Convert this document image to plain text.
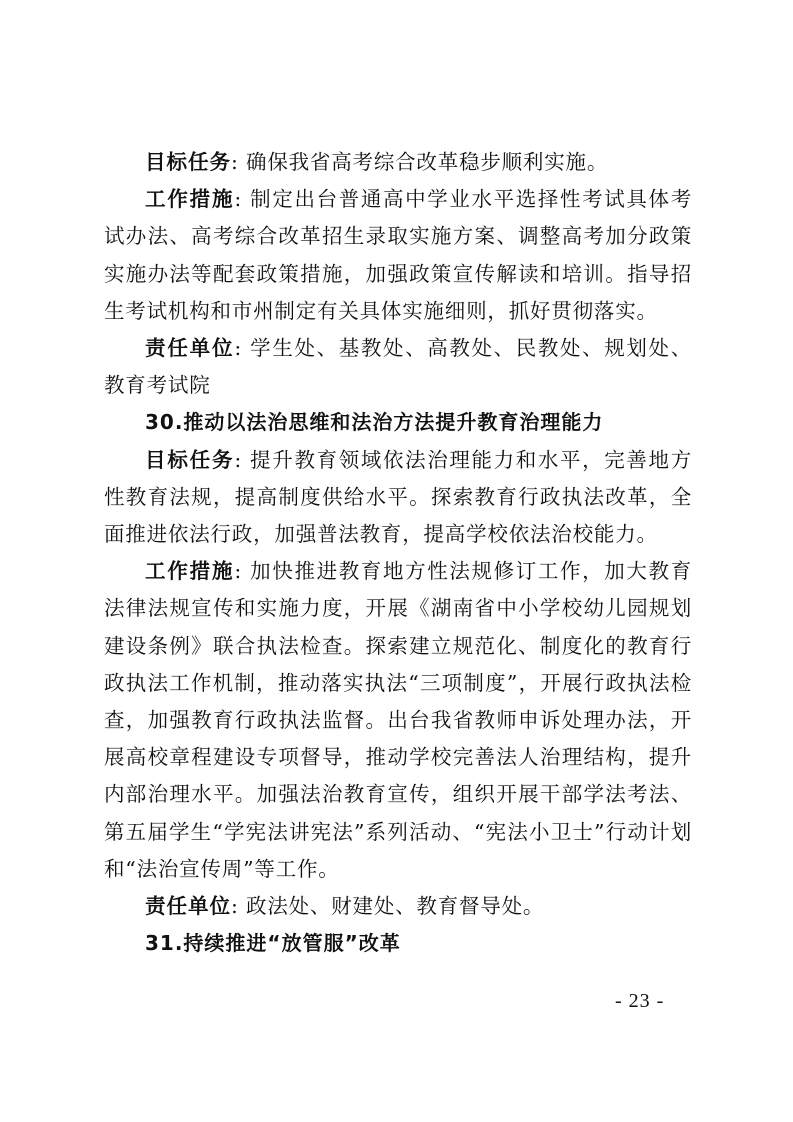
目标任务: 确保我省高考综合改革稳步顺利实施。

工作措施: 制定出台普通高中学业水平选择性考试具体考试办法、高考综合改革招生录取实施方案、调整高考加分政策实施办法等配套政策措施，加强政策宣传解读和培训。指导招生考试机构和市州制定有关具体实施细则，抓好贯彻落实。

责任单位: 学生处、基教处、高教处、民教处、规划处、教育考试院

30.推动以法治思维和法治方法提升教育治理能力

目标任务: 提升教育领域依法治理能力和水平，完善地方性教育法规，提高制度供给水平。探索教育行政执法改革，全面推进依法行政，加强普法教育，提高学校依法治校能力。

工作措施: 加快推进教育地方性法规修订工作，加大教育法律法规宣传和实施力度，开展《湖南省中小学校幼儿园规划建设条例》联合执法检查。探索建立规范化、制度化的教育行政执法工作机制，推动落实执法“三项制度”，开展行政执法检查，加强教育行政执法监督。出台我省教师申诉处理办法，开展高校章程建设专项督导，推动学校完善法人治理结构，提升内部治理水平。加强法治教育宣传，组织开展干部学法考法、第五届学生“学宪法讲宪法”系列活动、“宪法小卫士”行动计划和“法治宣传周”等工作。

责任单位: 政法处、财建处、教育督导处。

31.持续推进“放管服”改革

- 23 -
